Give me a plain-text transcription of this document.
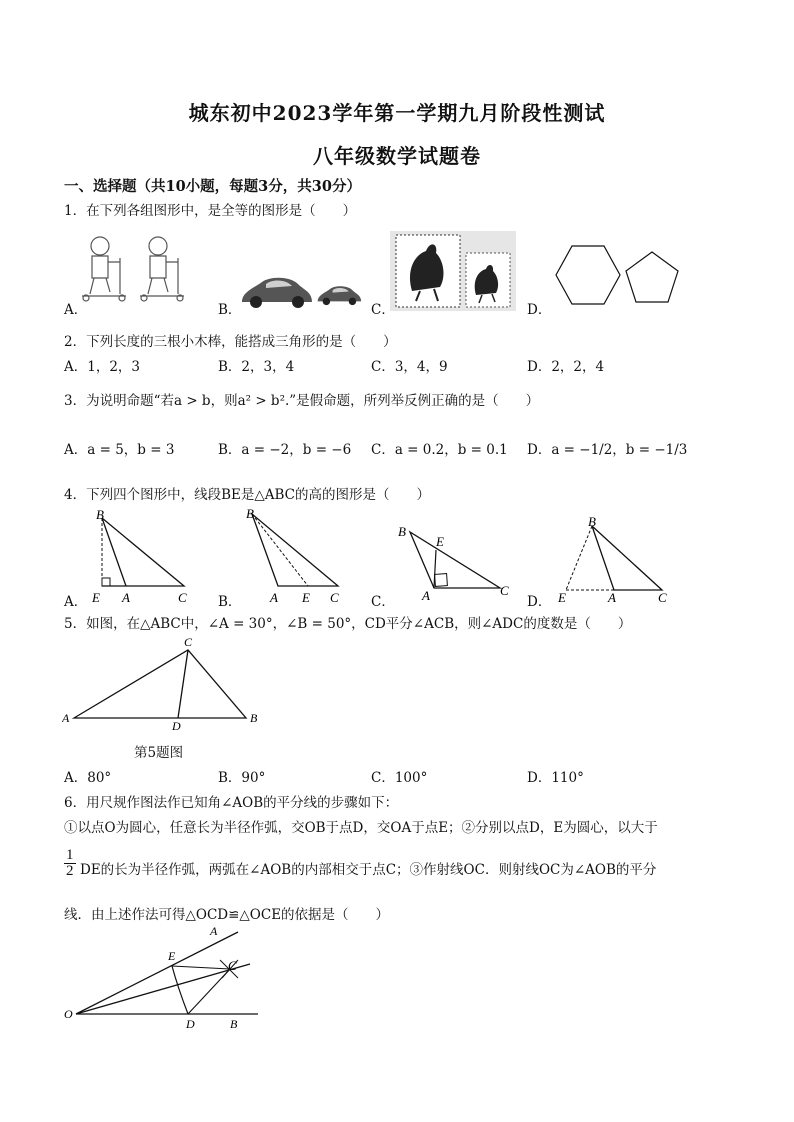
城东初中2023学年第一学期九月阶段性测试
八年级数学试题卷
一、选择题（共10小题，每题3分，共30分）
1．在下列各组图形中，是全等的图形是（　　）
A．	B．	C．	D．
2．下列长度的三根小木棒，能搭成三角形的是（　　）
A．1，2，3	B．2，3，4	C．3，4，9	D．2，2，4
3．为说明命题“若a > b，则a² > b².”是假命题，所列举反例正确的是（　　）
A．a = 5，b = 3	B．a = −2，b = −6 C．a = 0.2，b = 0.1 D．a = −1/2，b = −1/3
4．下列四个图形中，线段BE是△ABC的高的图形是（　　）
B
E A	C
A．
B
A E C
B．
B
E
A	C
C．
B
E	A	C
D．
5．如图，在△ABC中，∠A = 30°，∠B = 50°，CD平分∠ACB，则∠ADC的度数是（　　）
A
C
D
B
第5题图
A．80°	B．90°	C．100°	D．110°
6．用尺规作图法作已知角∠AOB的平分线的步骤如下：
①以点O为圆心，任意长为半径作弧，交OB于点D，交OA于点E；②分别以点D，E为圆心，以大于
$\frac{1}{2}$ DE的长为半径作弧，两弧在∠AOB的内部相交于点C；③作射线OC．则射线OC为∠AOB的平分
线．由上述作法可得△OCD≌△OCE的依据是（　　）
O
E
A
C
D	B
